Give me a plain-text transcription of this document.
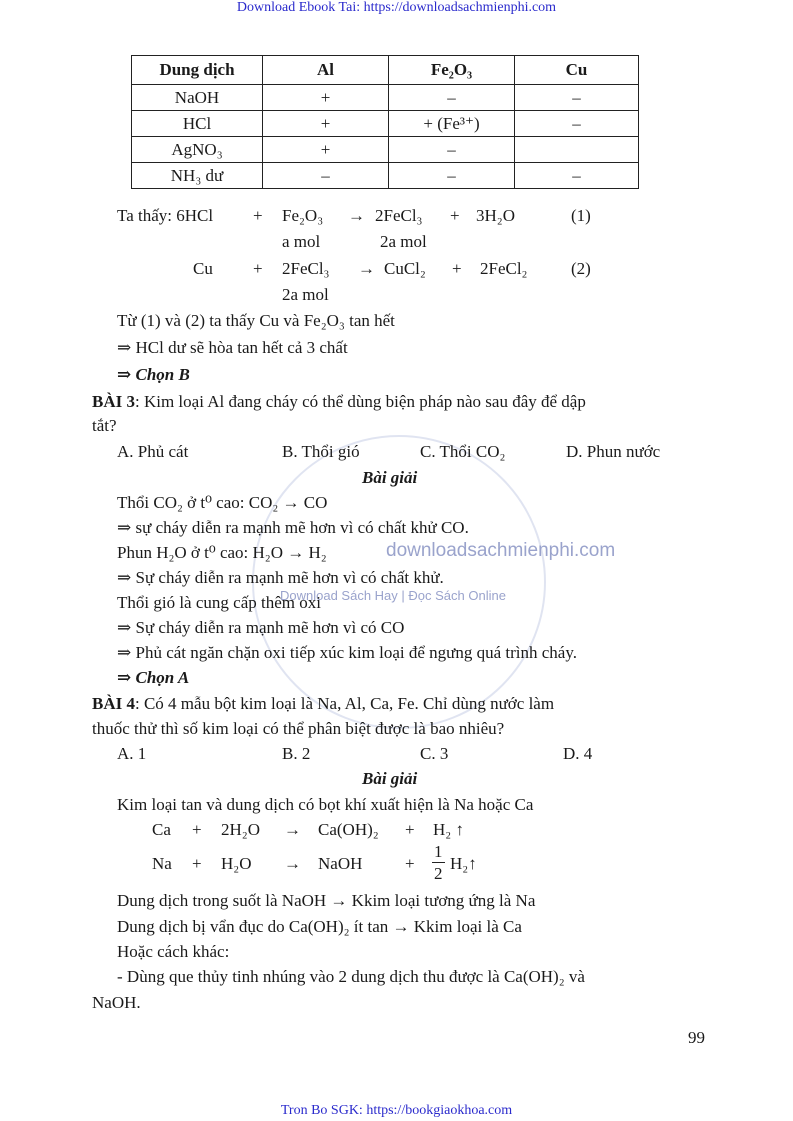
Download Ebook Tai: https://downloadsachmienphi.com
Tron Bo SGK: https://bookgiaokhoa.com
99
downloadsachmienphi.com
Download Sách Hay | Đọc Sách Online
Dung dịch	Al	Fe₂O₃	Cu
NaOH	+	–	–
HCl	+	+ (Fe³⁺)	–
AgNO₃	+	–	
NH₃ dư	–	–	–
Ta thấy: 6HCl + Fe₂O₃ → 2FeCl₃ + 3H₂O	(1)
a mol	2a mol
Cu + 2FeCl₃ → CuCl₂ + 2FeCl₂	(2)
2a mol
Từ (1) và (2) ta thấy Cu và Fe₂O₃ tan hết
⇒ HCl dư sẽ hòa tan hết cả 3 chất
⇒ Chọn B
BÀI 3: Kim loại Al đang cháy có thể dùng biện pháp nào sau đây để dập
tắt?
A. Phủ cát	B. Thổi gió	C. Thổi CO₂	D. Phun nước
Bài giải
Thổi CO₂ ở t⁰ cao: CO₂ → CO
⇒ sự cháy diễn ra mạnh mẽ hơn vì có chất khử CO.
Phun H₂O ở t⁰ cao: H₂O → H₂
⇒ Sự cháy diễn ra mạnh mẽ hơn vì có chất khử.
Thổi gió là cung cấp thêm oxi
⇒ Sự cháy diễn ra mạnh mẽ hơn vì có CO
⇒ Phủ cát ngăn chặn oxi tiếp xúc kim loại để ngưng quá trình cháy.
⇒ Chọn A
BÀI 4: Có 4 mẫu bột kim loại là Na, Al, Ca, Fe. Chỉ dùng nước làm
thuốc thử thì số kim loại có thể phân biệt được là bao nhiêu?
A. 1	B. 2	C. 3	D. 4
Bài giải
Kim loại tan và dung dịch có bọt khí xuất hiện là Na hoặc Ca
Ca + 2H₂O → Ca(OH)₂ + H₂ ↑
Na + H₂O → NaOH	+ $\frac{1}{2}$ H₂↑
Dung dịch trong suốt là NaOH → Kkim loại tương ứng là Na
Dung dịch bị vẩn đục do Ca(OH)₂ ít tan → Kkim loại là Ca
Hoặc cách khác:
- Dùng que thủy tinh nhúng vào 2 dung dịch thu được là Ca(OH)₂ và
NaOH.
